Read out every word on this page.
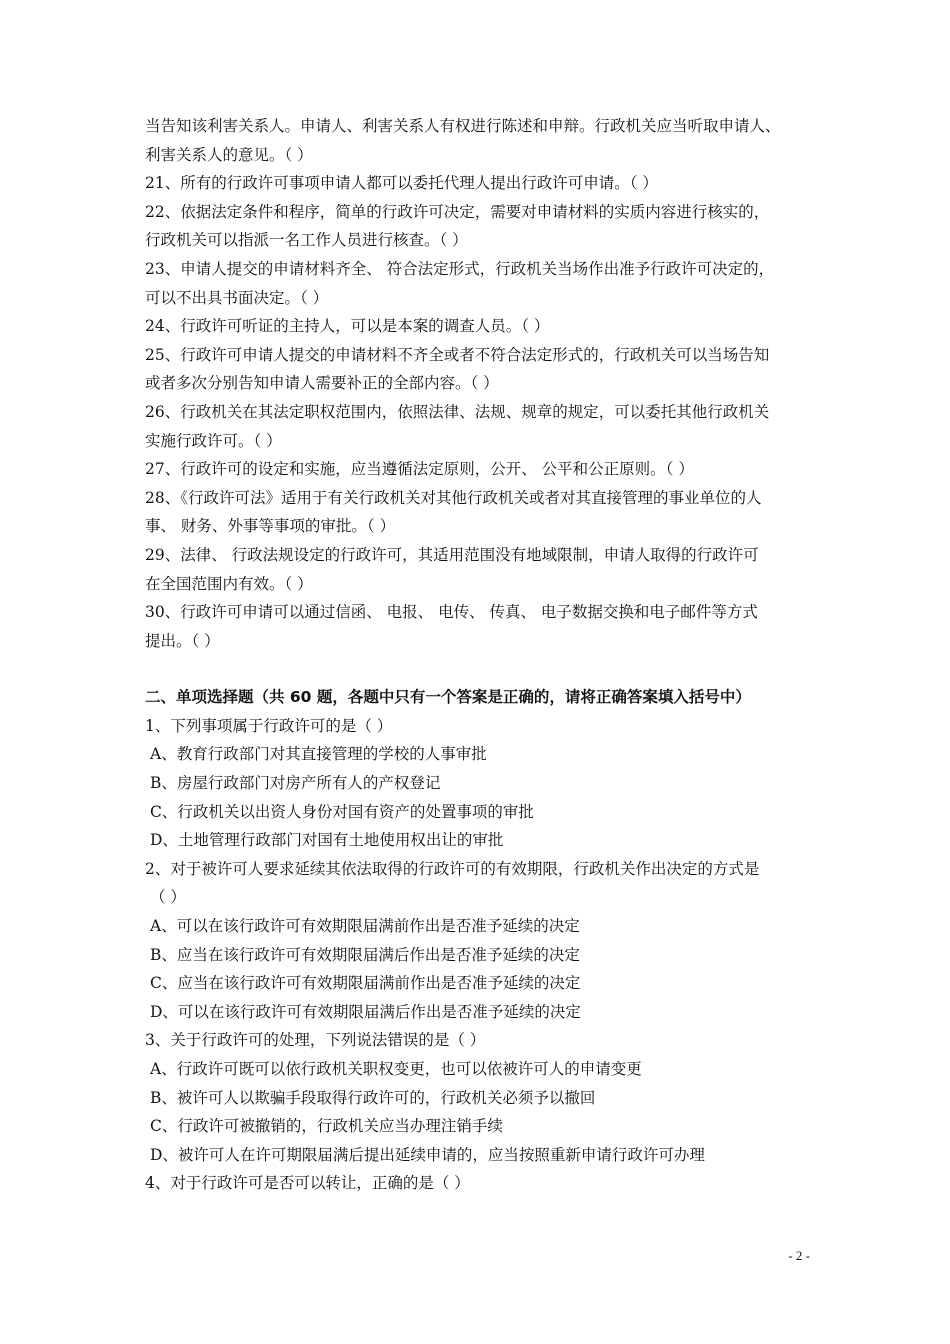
当告知该利害关系人。申请人、利害关系人有权进行陈述和申辩。行政机关应当听取申请人、
利害关系人的意见。（ ）
21、所有的行政许可事项申请人都可以委托代理人提出行政许可申请。（ ）
22、依据法定条件和程序，简单的行政许可决定，需要对申请材料的实质内容进行核实的，
行政机关可以指派一名工作人员进行核查。（ ）
23、申请人提交的申请材料齐全、 符合法定形式，行政机关当场作出准予行政许可决定的，
可以不出具书面决定。（ ）
24、行政许可听证的主持人，可以是本案的调查人员。（ ）
25、行政许可申请人提交的申请材料不齐全或者不符合法定形式的，行政机关可以当场告知
或者多次分别告知申请人需要补正的全部内容。（ ）
26、行政机关在其法定职权范围内，依照法律、法规、规章的规定，可以委托其他行政机关
实施行政许可。（ ）
27、行政许可的设定和实施，应当遵循法定原则，公开、 公平和公正原则。（ ）
28、《行政许可法》适用于有关行政机关对其他行政机关或者对其直接管理的事业单位的人
事、 财务、外事等事项的审批。（ ）
29、法律、 行政法规设定的行政许可，其适用范围没有地域限制，申请人取得的行政许可
在全国范围内有效。（ ）
30、行政许可申请可以通过信函、 电报、 电传、 传真、 电子数据交换和电子邮件等方式
提出。（ ）
二、单项选择题（共 60 题，各题中只有一个答案是正确的，请将正确答案填入括号中）
1、下列事项属于行政许可的是（ ）
A、教育行政部门对其直接管理的学校的人事审批
B、房屋行政部门对房产所有人的产权登记
C、行政机关以出资人身份对国有资产的处置事项的审批
D、土地管理行政部门对国有土地使用权出让的审批
2、对于被许可人要求延续其依法取得的行政许可的有效期限，行政机关作出决定的方式是
（ ）
A、可以在该行政许可有效期限届满前作出是否准予延续的决定
B、应当在该行政许可有效期限届满后作出是否准予延续的决定
C、应当在该行政许可有效期限届满前作出是否准予延续的决定
D、可以在该行政许可有效期限届满后作出是否准予延续的决定
3、关于行政许可的处理，下列说法错误的是（ ）
A、行政许可既可以依行政机关职权变更，也可以依被许可人的申请变更
B、被许可人以欺骗手段取得行政许可的，行政机关必须予以撤回
C、行政许可被撤销的，行政机关应当办理注销手续
D、被许可人在许可期限届满后提出延续申请的，应当按照重新申请行政许可办理
4、对于行政许可是否可以转让，正确的是（ ）
- 2 -
